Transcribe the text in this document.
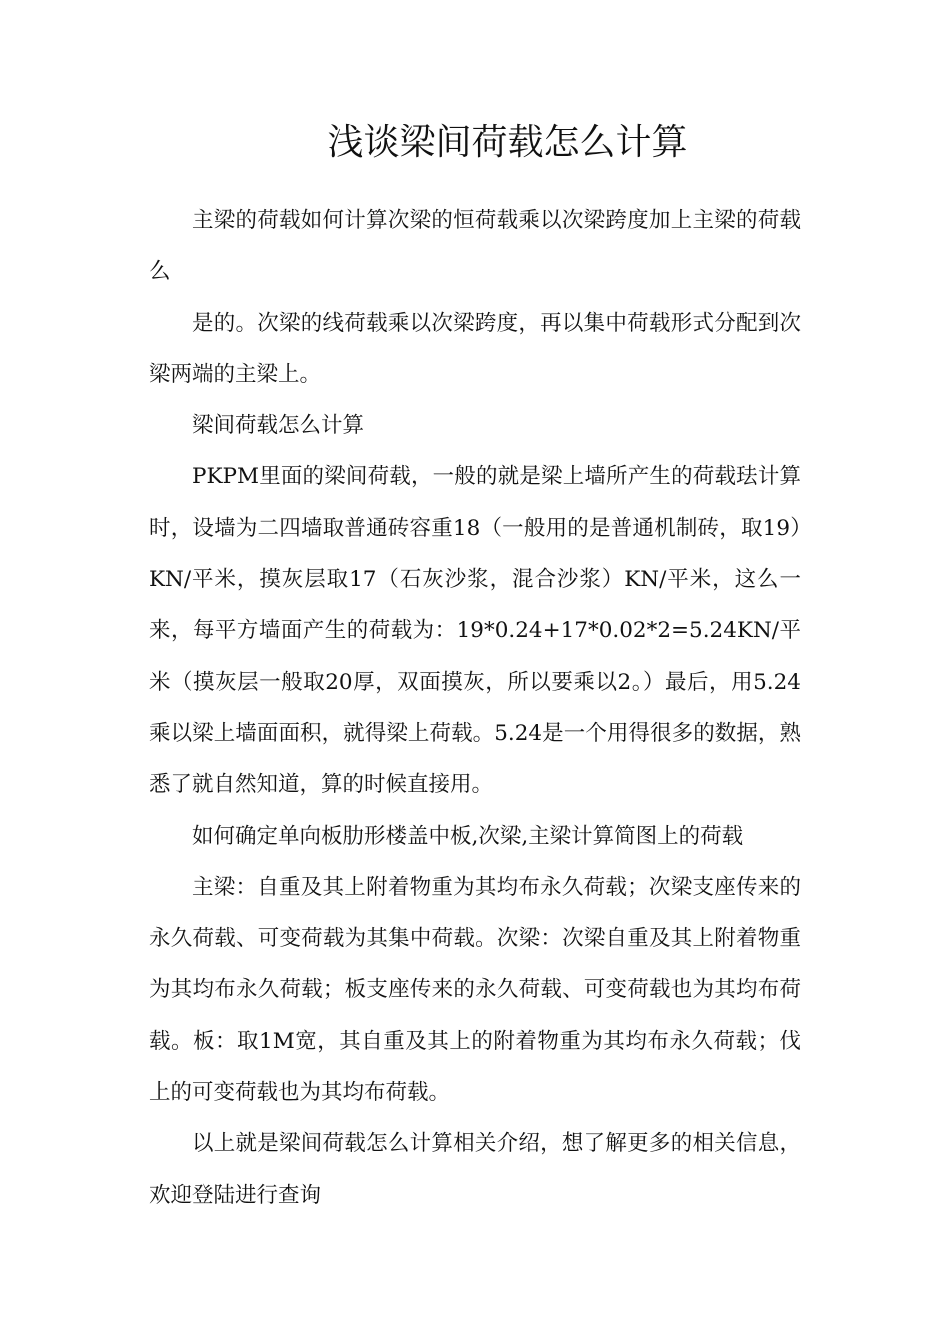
浅谈梁间荷载怎么计算

主梁的荷载如何计算次梁的恒荷载乘以次梁跨度加上主梁的荷载么

是的。次梁的线荷载乘以次梁跨度，再以集中荷载形式分配到次梁两端的主梁上。

梁间荷载怎么计算

PKPM里面的梁间荷载，一般的就是梁上墙所产生的荷载珐计算时，设墙为二四墙取普通砖容重18（一般用的是普通机制砖，取19）KN/平米，摸灰层取17（石灰沙浆，混合沙浆）KN/平米，这么一来，每平方墙面产生的荷载为：19*0.24+17*0.02*2=5.24KN/平米（摸灰层一般取20厚，双面摸灰，所以要乘以2。）最后，用5.24乘以梁上墙面面积，就得梁上荷载。5.24是一个用得很多的数据，熟悉了就自然知道，算的时候直接用。

如何确定单向板肋形楼盖中板,次梁,主梁计算简图上的荷载

主梁：自重及其上附着物重为其均布永久荷载；次梁支座传来的永久荷载、可变荷载为其集中荷载。次梁：次梁自重及其上附着物重为其均布永久荷载；板支座传来的永久荷载、可变荷载也为其均布荷载。板：取1M宽，其自重及其上的附着物重为其均布永久荷载；伐上的可变荷载也为其均布荷载。

以上就是梁间荷载怎么计算相关介绍，想了解更多的相关信息，欢迎登陆进行查询
